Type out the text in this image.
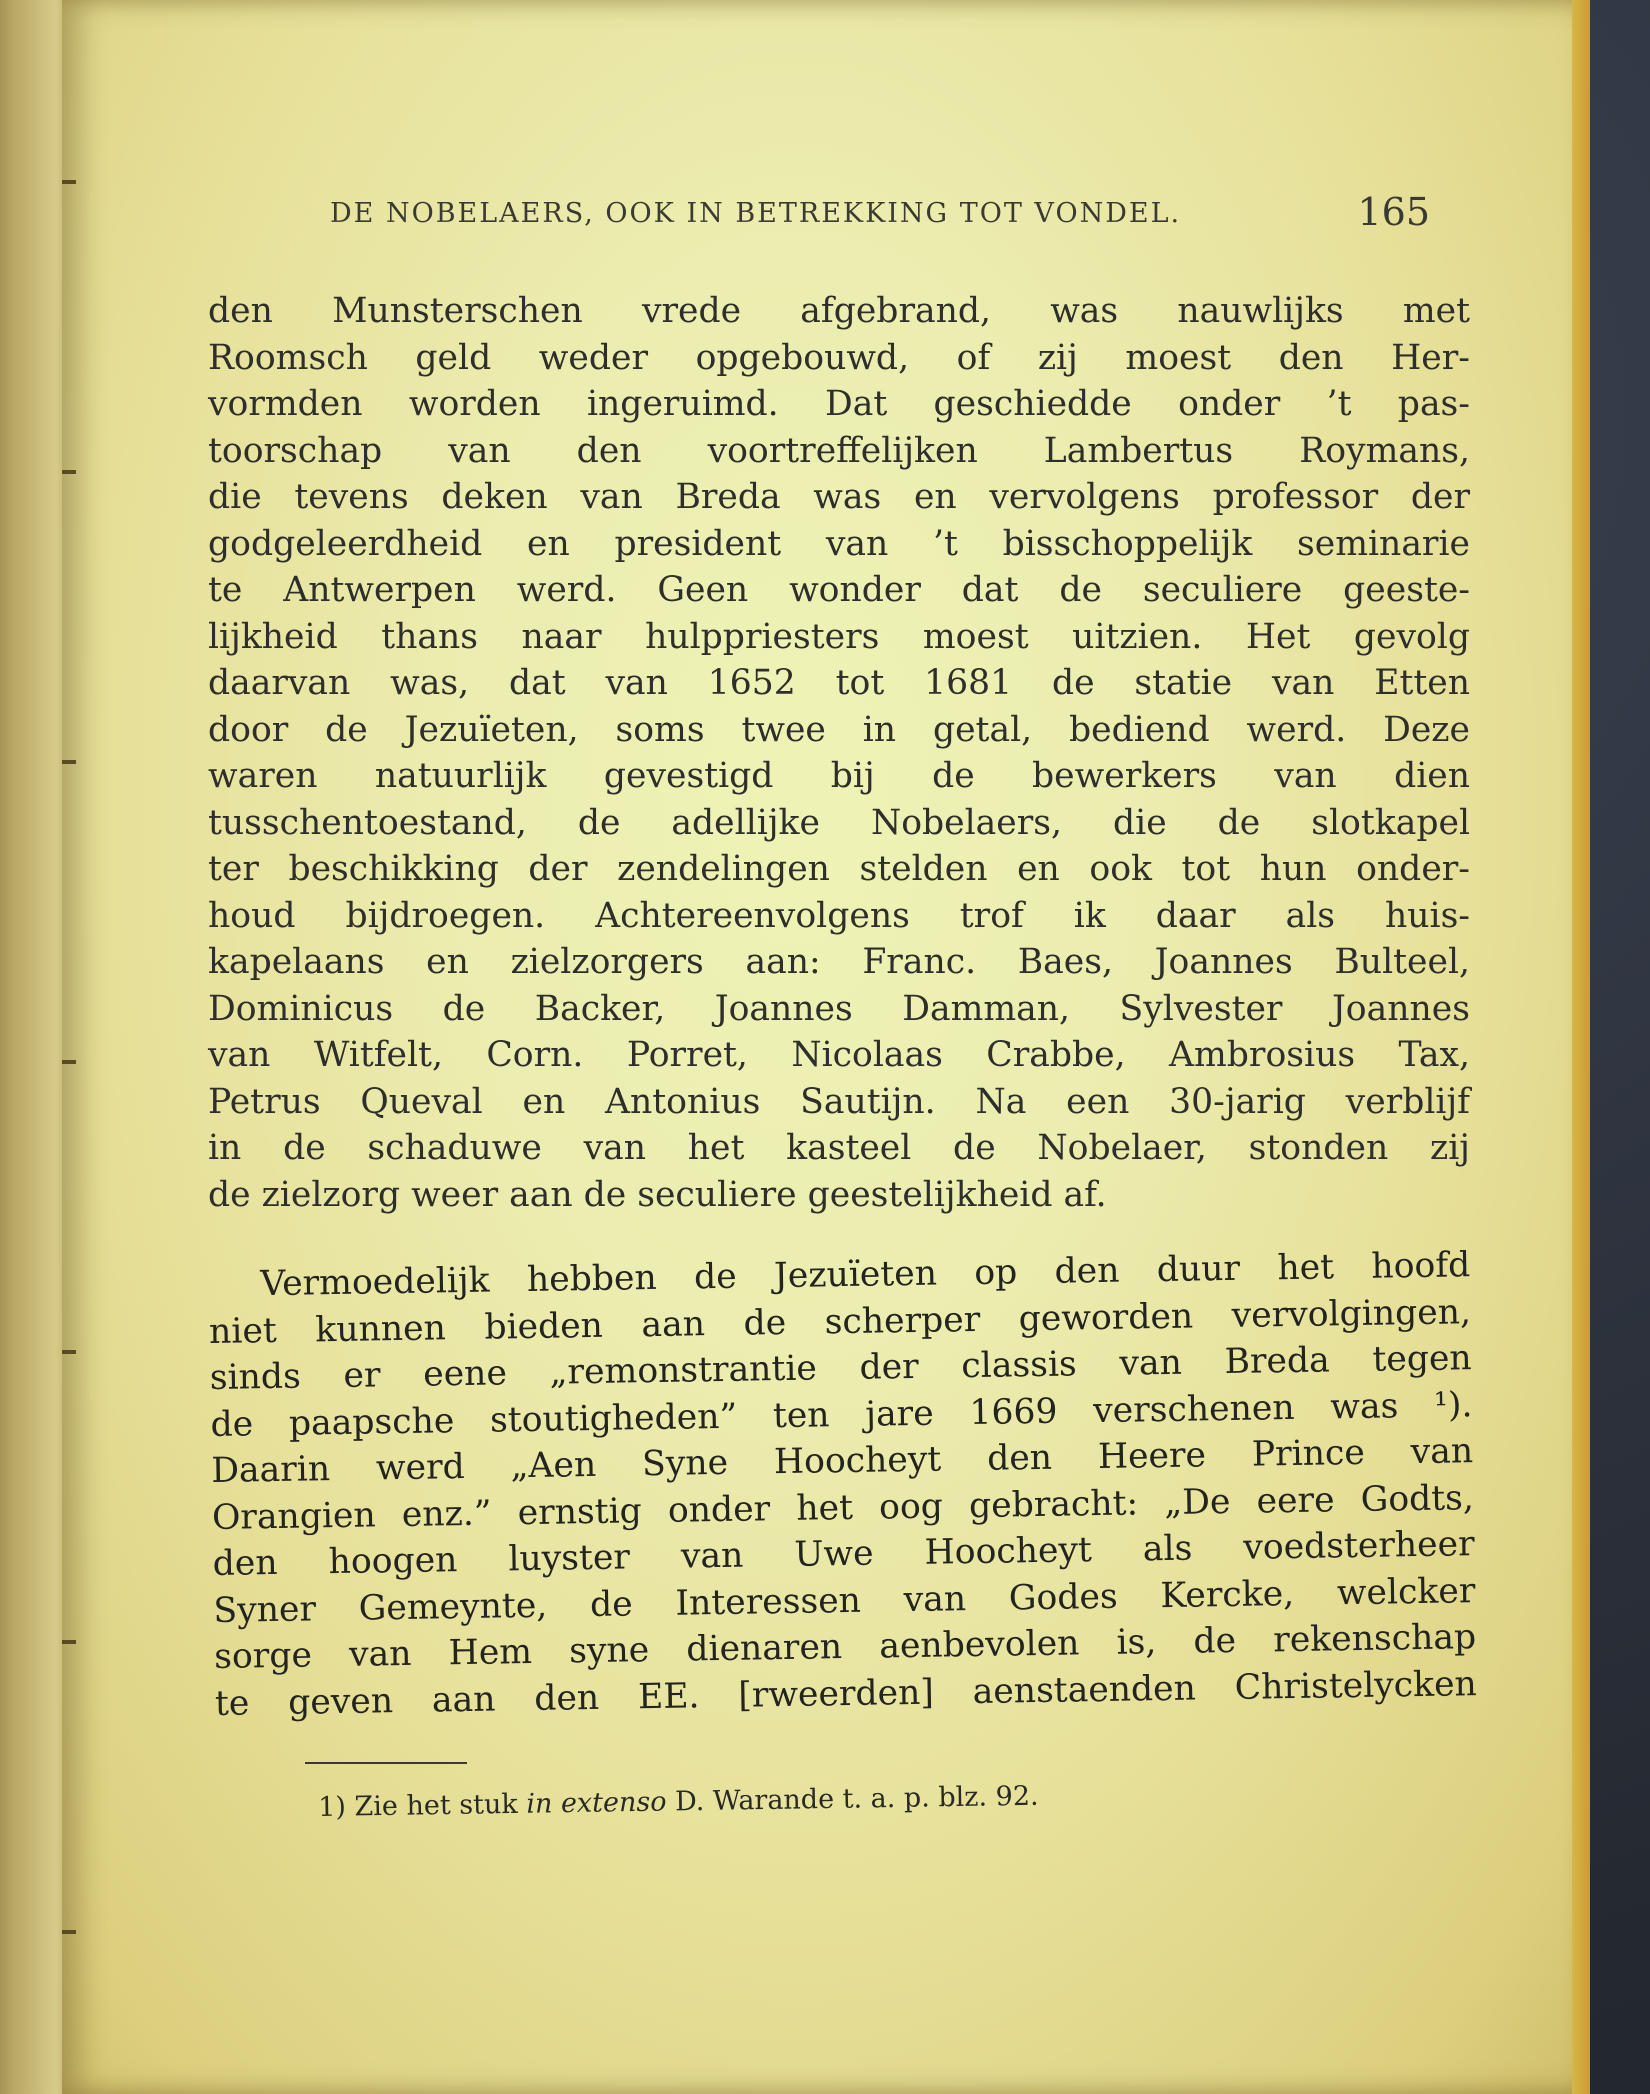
DE NOBELAERS, OOK IN BETREKKING TOT VONDEL.	165

den Munsterschen vrede afgebrand, was nauwlijks met

Roomsch geld weder opgebouwd, of zij moest den Her-

vormden worden ingeruimd. Dat geschiedde onder ’t pas-

toorschap van den voortreffelijken Lambertus Roymans,

die tevens deken van Breda was en vervolgens professor der

godgeleerdheid en president van ’t bisschoppelijk seminarie

te Antwerpen werd. Geen wonder dat de seculiere geeste-

lijkheid thans naar hulppriesters moest uitzien. Het gevolg

daarvan was, dat van 1652 tot 1681 de statie van Etten

door de Jezuïeten, soms twee in getal, bediend werd. Deze

waren natuurlijk gevestigd bij de bewerkers van dien

tusschentoestand, de adellijke Nobelaers, die de slotkapel

ter beschikking der zendelingen stelden en ook tot hun onder-

houd bijdroegen. Achtereenvolgens trof ik daar als huis-

kapelaans en zielzorgers aan: Franc. Baes, Joannes Bulteel,

Dominicus de Backer, Joannes Damman, Sylvester Joannes

van Witfelt, Corn. Porret, Nicolaas Crabbe, Ambrosius Tax,

Petrus Queval en Antonius Sautijn. Na een 30-jarig verblijf

in de schaduwe van het kasteel de Nobelaer, stonden zij

de zielzorg weer aan de seculiere geestelijkheid af.

Vermoedelijk hebben de Jezuïeten op den duur het hoofd

niet kunnen bieden aan de scherper geworden vervolgingen,

sinds er eene „remonstrantie der classis van Breda tegen

de paapsche stoutigheden” ten jare 1669 verschenen was ¹).

Daarin werd „Aen Syne Hoocheyt den Heere Prince van

Orangien enz.” ernstig onder het oog gebracht: „De eere Godts,

den hoogen luyster van Uwe Hoocheyt als voedsterheer

Syner Gemeynte, de Interessen van Godes Kercke, welcker

sorge van Hem syne dienaren aenbevolen is, de rekenschap

te geven aan den EE. [rweerden] aenstaenden Christelycken

1) Zie het stuk in extenso D. Warande t. a. p. blz. 92.
